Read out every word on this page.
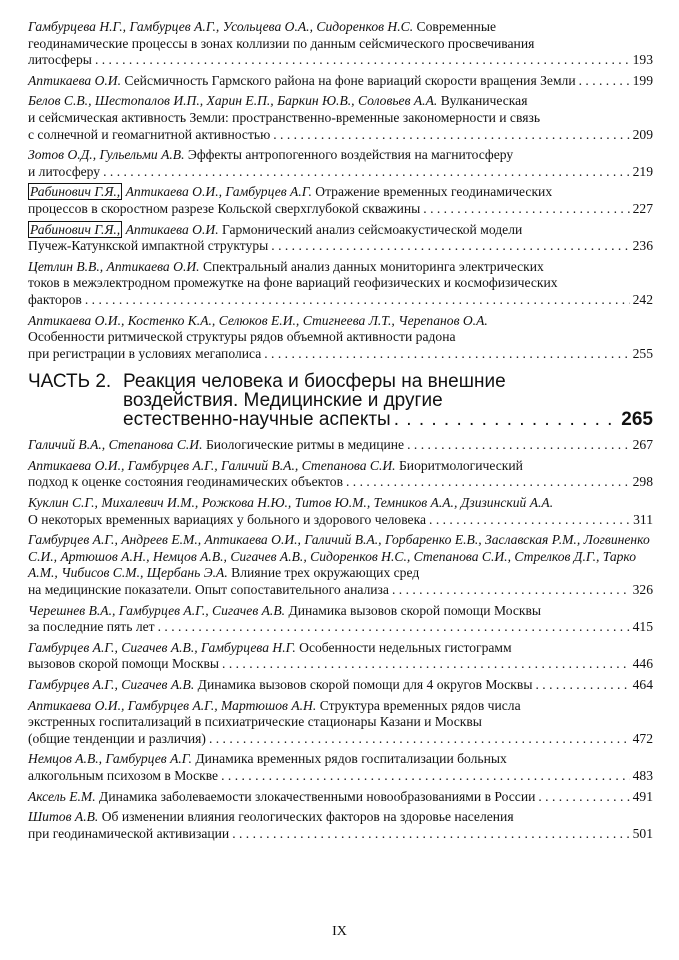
Гамбурцева Н.Г., Гамбурцев А.Г., Усольцева О.А., Сидоренков Н.С. Современные
геодинамические процессы в зонах коллизии по данным сейсмического просвечивания
литосферы . . .	193
Аптикаева О.И. Сейсмичность Гармского района на фоне вариаций скорости вращения Земли . . .	199
Белов С.В., Шестопалов И.П., Харин Е.П., Баркин Ю.В., Соловьев А.А. Вулканическая
и сейсмическая активность Земли: пространственно-временные закономерности и связь
с солнечной и геомагнитной активностью . . .	209
Зотов О.Д., Гульельми А.В. Эффекты антропогенного воздействия на магнитосферу
и литосферу . . .	219
Рабинович Г.Я., Аптикаева О.И., Гамбурцев А.Г. Отражение временных геодинамических
процессов в скоростном разрезе Кольской сверхглубокой скважины . . .	227
Рабинович Г.Я., Аптикаева О.И. Гармонический анализ сейсмоакустической модели
Пучеж-Катункской импактной структуры . . .	236
Цетлин В.В., Аптикаева О.И. Спектральный анализ данных мониторинга электрических
токов в межэлектродном промежутке на фоне вариаций геофизических и космофизических
факторов . . .	242
Аптикаева О.И., Костенко К.А., Селюков Е.И., Стигнеева Л.Т., Черепанов О.А.
Особенности ритмической структуры рядов объемной активности радона
при регистрации в условиях мегаполиса . . .	255
ЧАСТЬ 2. Реакция человека и биосферы на внешние
воздействия. Медицинские и другие
естественно-научные аспекты . . .	265
Галичий В.А., Степанова С.И. Биологические ритмы в медицине . . .	267
Аптикаева О.И., Гамбурцев А.Г., Галичий В.А., Степанова С.И. Биоритмологический
подход к оценке состояния геодинамических объектов . . .	298
Куклин С.Г., Михалевич И.М., Рожкова Н.Ю., Титов Ю.М., Темников А.А., Дзизинский А.А.
О некоторых временных вариациях у больного и здорового человека . . .	311
Гамбурцев А.Г., Андреев Е.М., Аптикаева О.И., Галичий В.А., Горбаренко Е.В., Заславская Р.М., Логвиненко С.И., Артюшов А.Н., Немцов А.В., Сигачев А.В., Сидоренков Н.С., Степанова С.И., Стрелков Д.Г., Тарко А.М., Чибисов С.М., Щербань Э.А. Влияние трех окружающих сред
на медицинские показатели. Опыт сопоставительного анализа . . .	326
Черешнев В.А., Гамбурцев А.Г., Сигачев А.В. Динамика вызовов скорой помощи Москвы
за последние пять лет . . .	415
Гамбурцев А.Г., Сигачев А.В., Гамбурцева Н.Г. Особенности недельных гистограмм
вызовов скорой помощи Москвы . . .	446
Гамбурцев А.Г., Сигачев А.В. Динамика вызовов скорой помощи для 4 округов Москвы . . .	464
Аптикаева О.И., Гамбурцев А.Г., Мартюшов А.Н. Структура временных рядов числа
экстренных госпитализаций в психиатрические стационары Казани и Москвы
(общие тенденции и различия) . . .	472
Немцов А.В., Гамбурцев А.Г. Динамика временных рядов госпитализации больных
алкогольным психозом в Москве . . .	483
Аксель Е.М. Динамика заболеваемости злокачественными новообразованиями в России . . .	491
Шитов А.В. Об изменении влияния геологических факторов на здоровье населения
при геодинамической активизации . . .	501
IX
